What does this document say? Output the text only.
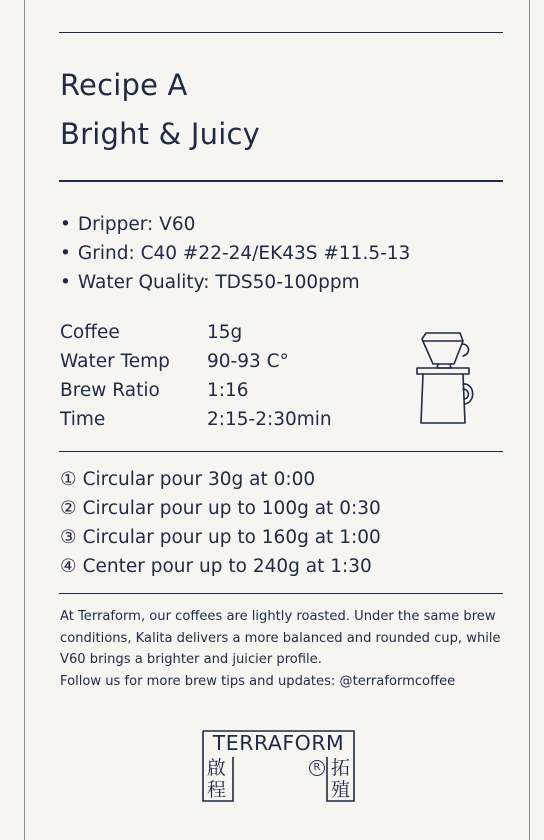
Recipe A
Bright & Juicy
• Dripper: V60
• Grind: C40 #22-24/EK43S #11.5-13
• Water Quality: TDS50-100ppm
Coffee	15g
Water Temp	90-93 C°
Brew Ratio	1:16
Time	2:15-2:30min
① Circular pour 30g at 0:00
② Circular pour up to 100g at 0:30
③ Circular pour up to 160g at 1:00
④ Center pour up to 240g at 1:30

At Terraform, our coffees are lightly roasted. Under the same brew conditions, Kalita delivers a more balanced and rounded cup, while V60 brings a brighter and juicier profile.

Follow us for more brew tips and updates: @terraformcoffee

TERRAFORM
啟
程
拓
殖
R
